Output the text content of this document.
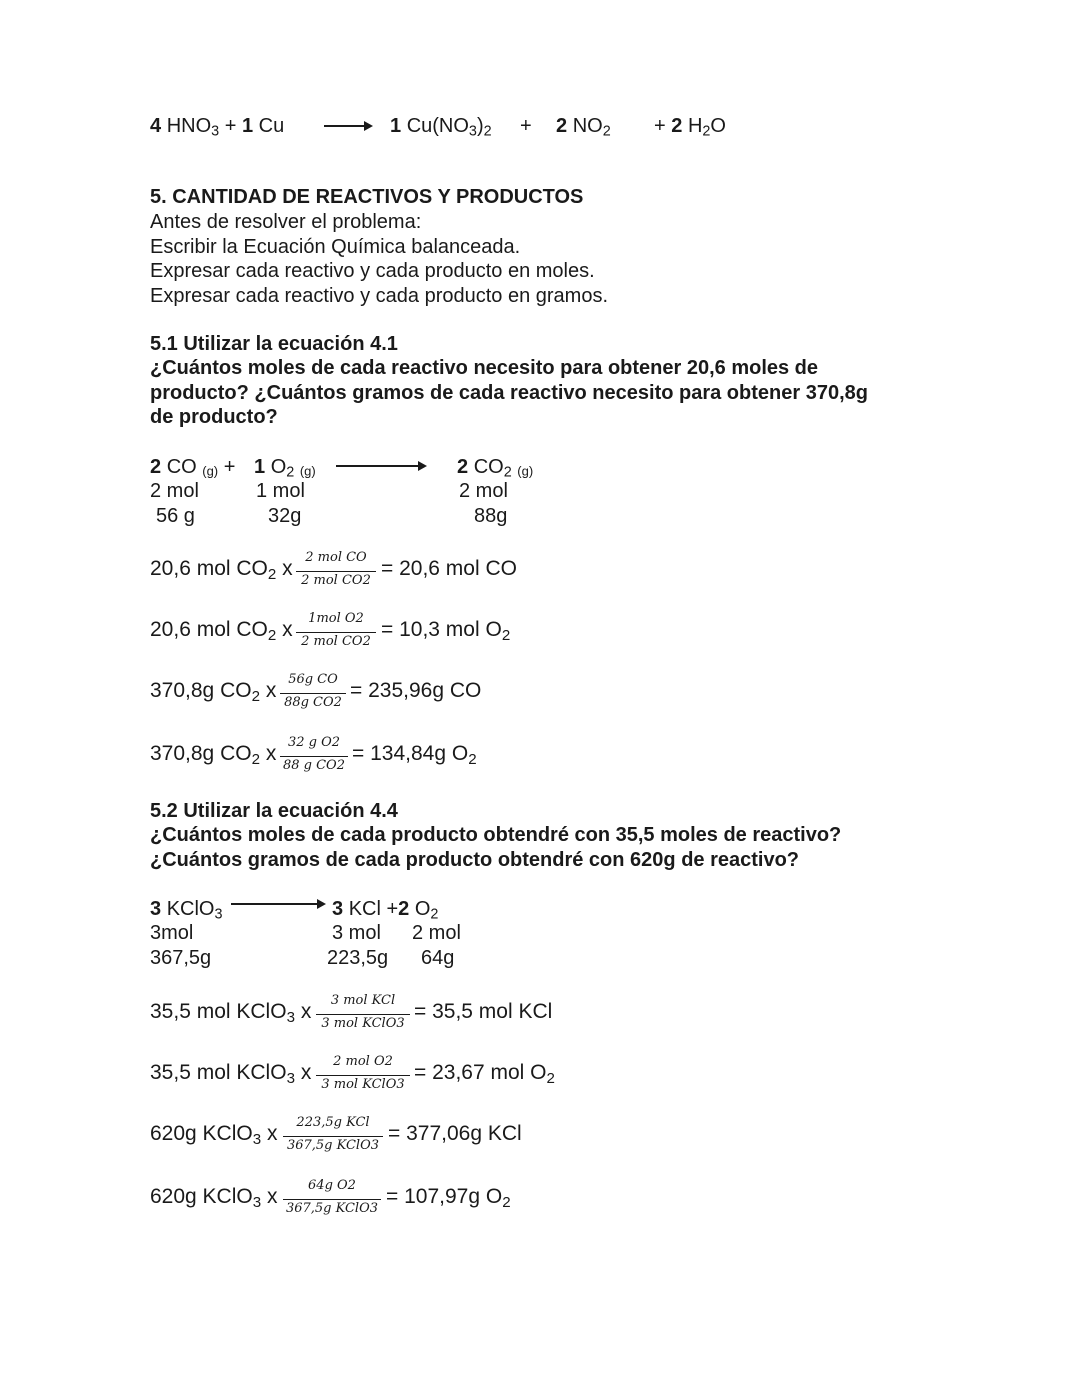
4 $HNO_3 + 1$ Cu	1 $Cu(NO_3)_2 + 2$ $NO_2 + 2$ $H_2O$
5. CANTIDAD DE REACTIVOS Y PRODUCTOS
Antes de resolver el problema:
Escribir la Ecuación Química balanceada.
Expresar cada reactivo y cada producto en moles.
Expresar cada reactivo y cada producto en gramos.
5.1 Utilizar la ecuación 4.1
¿Cuántos moles de cada reactivo necesito para obtener 20,6 moles de
producto? ¿Cuántos gramos de cada reactivo necesito para obtener 370,8g
de producto?
2 CO (g) + 1 $O_2$ (g)	2 $CO_2$ (g)
2 mol	1 mol	2 mol
56 g	32g	88g
20,6 mol $CO_2$ x 2 mol CO
2 mol CO2
= 20,6 mol CO
20,6 mol $CO_2$ x	1mol O2
2 mol CO2
= 10,3 mol $O_2$
370,8g $CO_2$ x 56g CO
88g CO2
= 235,96g CO
370,8g $CO_2$ x 32 g O2
88 g CO2
= 134,84g $O_2$
5.2 Utilizar la ecuación 4.4
¿Cuántos moles de cada producto obtendré con 35,5 moles de reactivo?
¿Cuántos gramos de cada producto obtendré con 620g de reactivo?
3 KClO$_3$	3 KCl +2 $O_2$
3mol	3 mol 2 mol
367,5g	223,5g 64g
35,5 mol KClO$_3$ x	3 mol KCl
3 mol KClO3
= 35,5 mol KCl
35,5 mol KClO$_3$ x	2 mol O2
3 mol KClO3
= 23,67 mol $O_2$
620g KClO$_3$ x	223,5g KCl
367,5g KClO3
= 377,06g KCl
620g KClO$_3$ x	64g O2
367,5g KClO3
= 107,97g $O_2$
